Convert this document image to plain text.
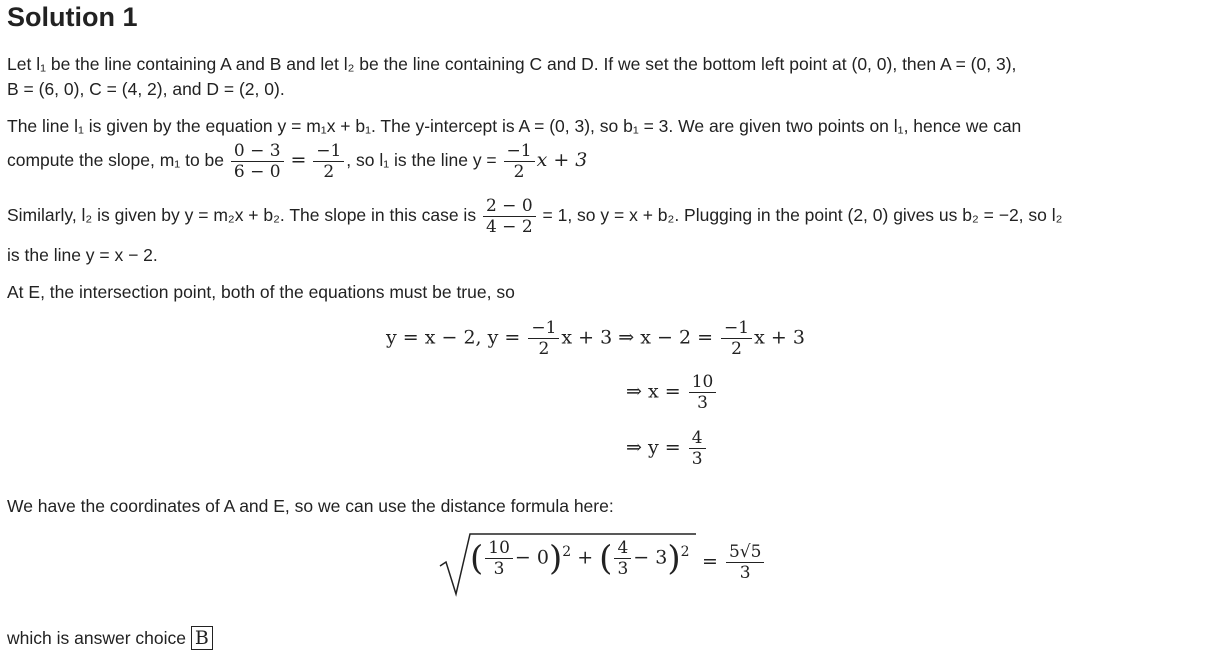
Solution 1
Let l₁ be the line containing A and B and let l₂ be the line containing C and D. If we set the bottom left point at (0, 0), then A = (0, 3),
B = (6, 0), C = (4, 2), and D = (2, 0).
The line l₁ is given by the equation y = m₁x + b₁. The y-intercept is A = (0, 3), so b₁ = 3. We are given two points on l₁, hence we can
compute the slope, m₁ to be $\frac{0 - 3}{6 - 0} = \frac{-1}{2}$ , so l₁ is the line $y = \frac{-1}{2}$ x + 3
Similarly, l₂ is given by y = m₂x + b₂. The slope in this case is $\frac{2 - 0}{4 - 2} = 1$, so y = x + b₂. Plugging in the point (2, 0) gives us b₂ = −2, so l₂
is the line y = x − 2.
At E, the intersection point, both of the equations must be true, so
y = x − 2, $y = \frac{-1}{2}$ x + 3 ⇒ $x - 2 = \frac{-1}{2}$ x + 3
⇒ $x = \frac{10}{3}$
⇒ $y = \frac{4}{3}$
We have the coordinates of A and E, so we can use the distance formula here:
( $\frac{10}{3} - 0)^2$ + ( $\frac{4}{3} - 3)^2 = \frac{5√5}{3}$
which is answer choice B
